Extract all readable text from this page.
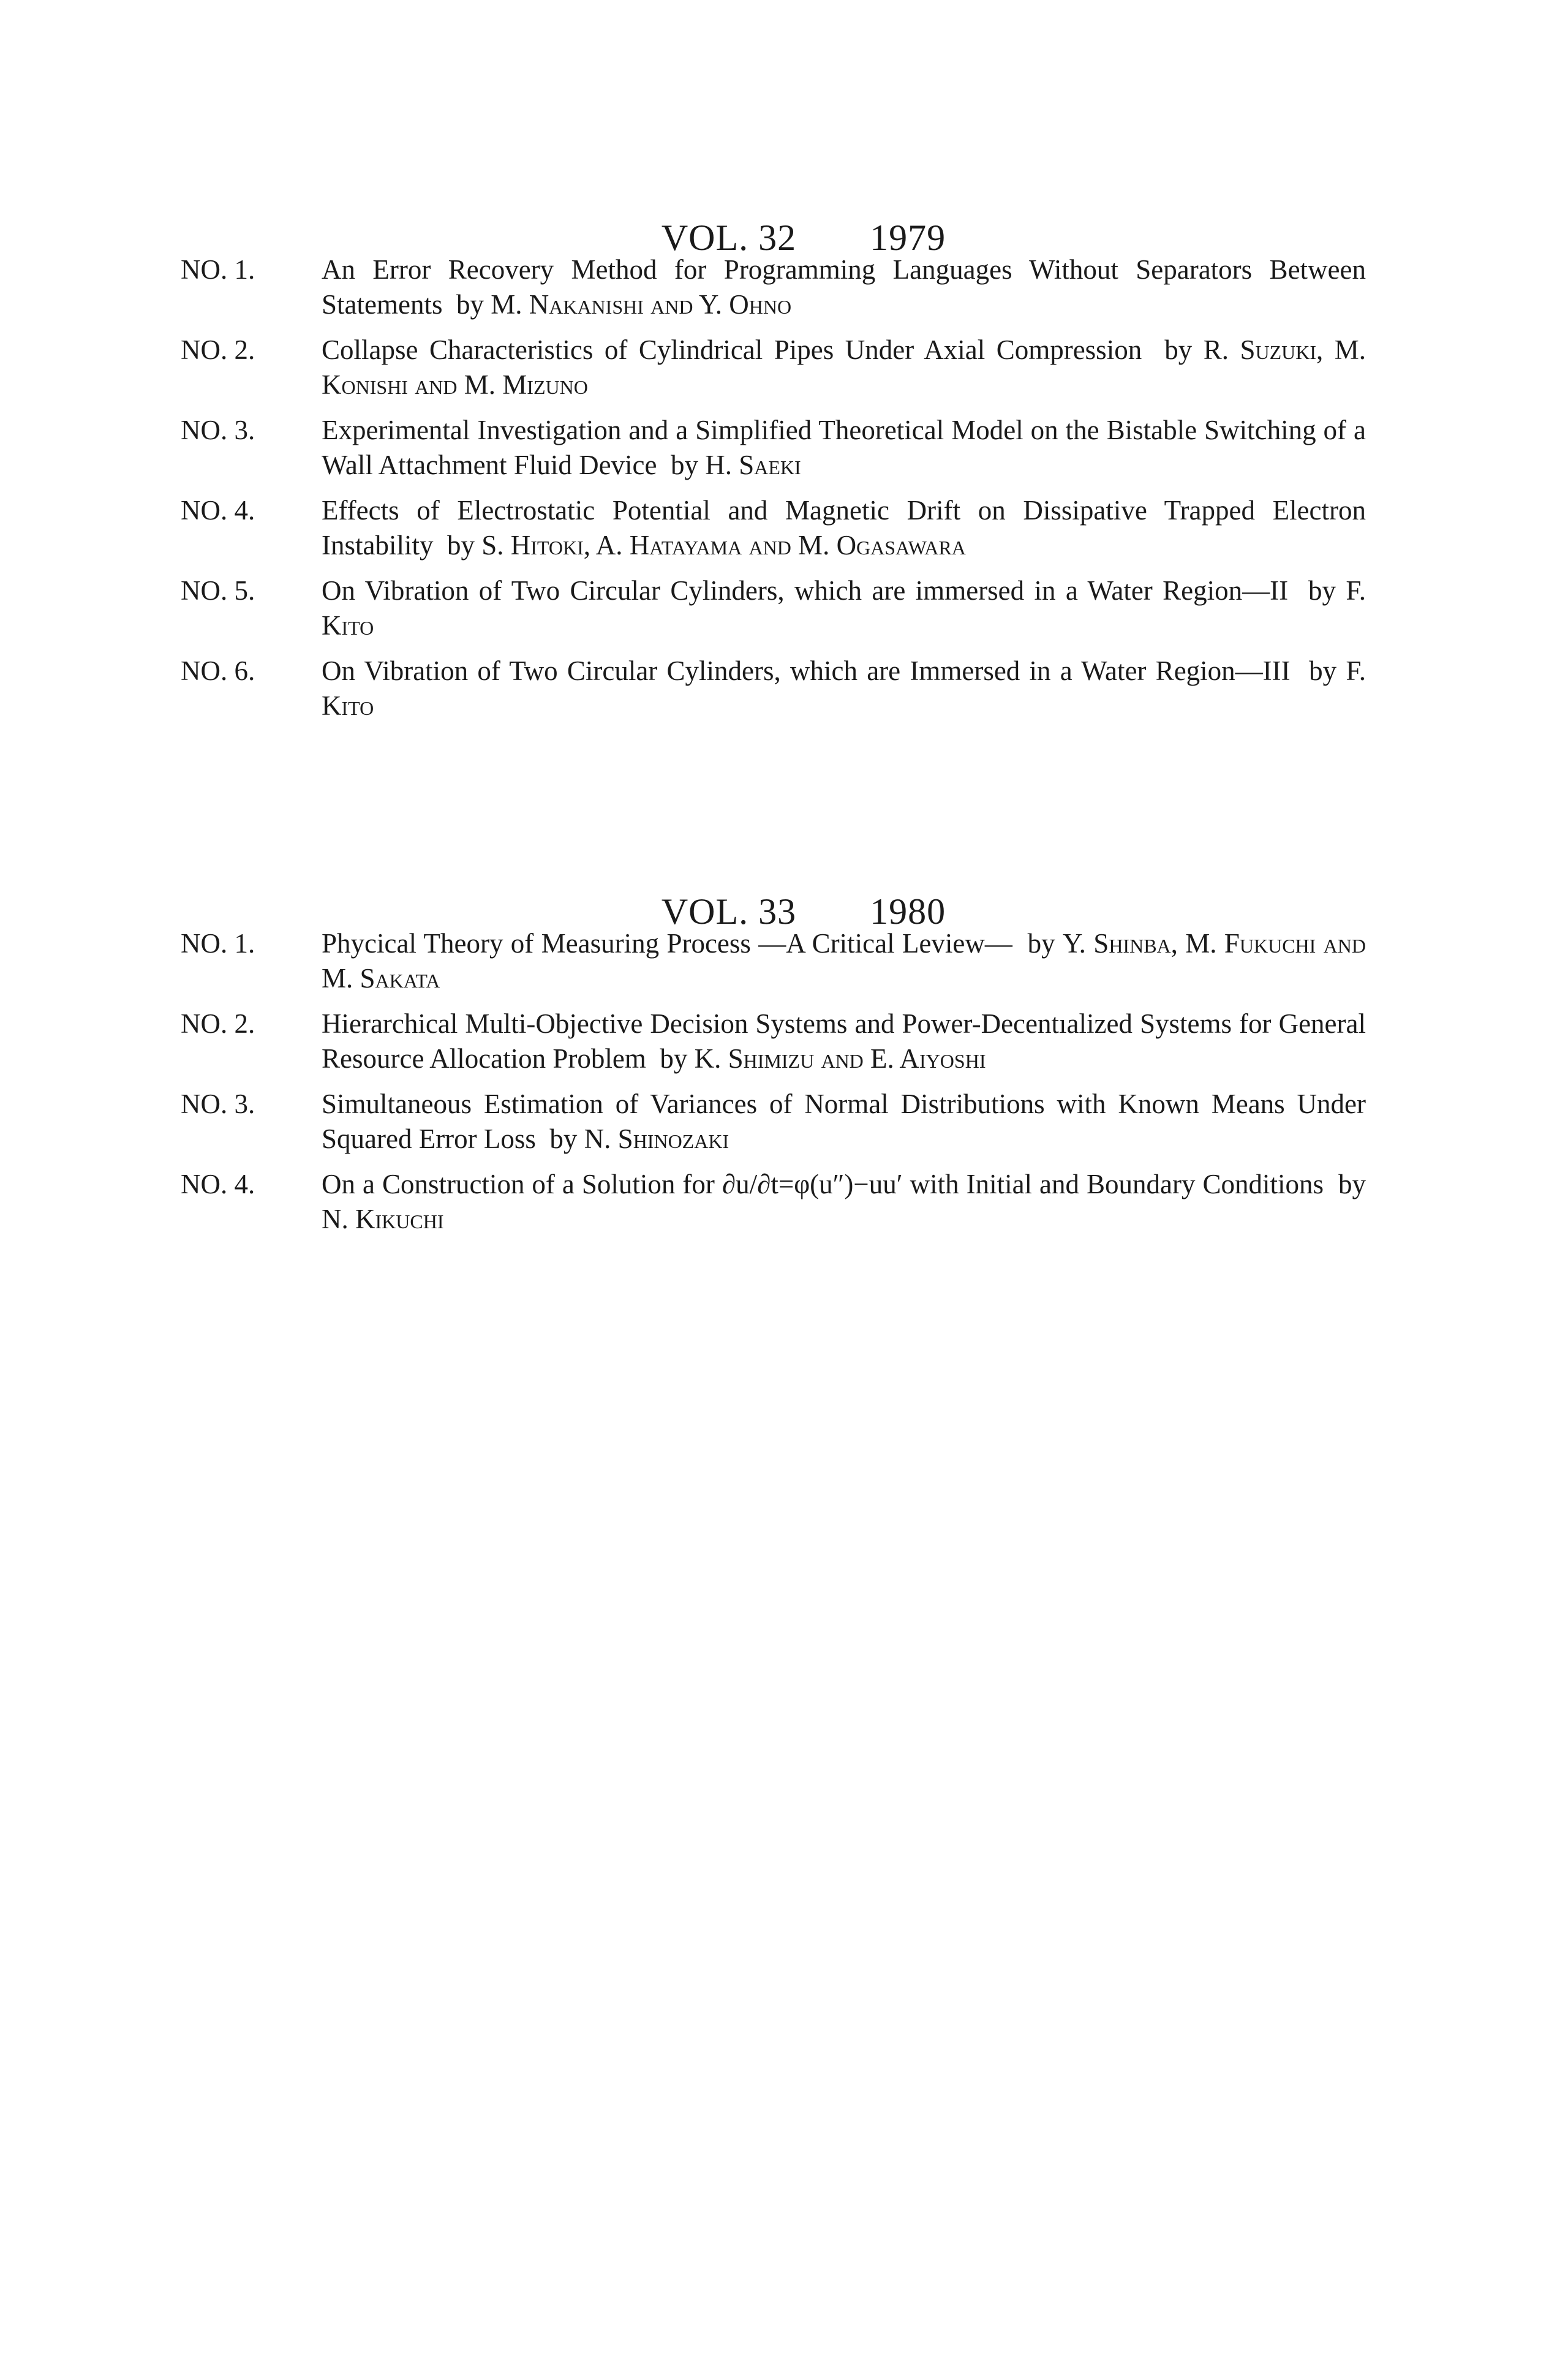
VOL. 32 1979

NO. 1. An Error Recovery Method for Programming Languages Without Separators Between Statements by M. Nakanishi and Y. Ohno
NO. 2. Collapse Characteristics of Cylindrical Pipes Under Axial Compression by R. Suzuki, M. Konishi and M. Mizuno
NO. 3. Experimental Investigation and a Simplified Theoretical Model on the Bistable Switching of a Wall Attachment Fluid Device by H. Saeki
NO. 4. Effects of Electrostatic Potential and Magnetic Drift on Dissipative Trapped Electron Instability by S. Hitoki, A. Hatayama and M. Ogasawara
NO. 5. On Vibration of Two Circular Cylinders, which are immersed in a Water Region—II by F. Kito
NO. 6. On Vibration of Two Circular Cylinders, which are Immersed in a Water Region—III by F. Kito

VOL. 33 1980

NO. 1. Phycical Theory of Measuring Process —A Critical Leview— by Y. Shinba, M. Fukuchi and M. Sakata
NO. 2. Hierarchical Multi-Objective Decision Systems and Power-Decentıalized Systems for General Resource Allocation Problem by K. Shimizu and E. Aiyoshi
NO. 3. Simultaneous Estimation of Variances of Normal Distributions with Known Means Under Squared Error Loss by N. Shinozaki
NO. 4. On a Construction of a Solution for ∂u/∂t=φ(u″)−uu′ with Initial and Boundary Conditions by N. Kikuchi
